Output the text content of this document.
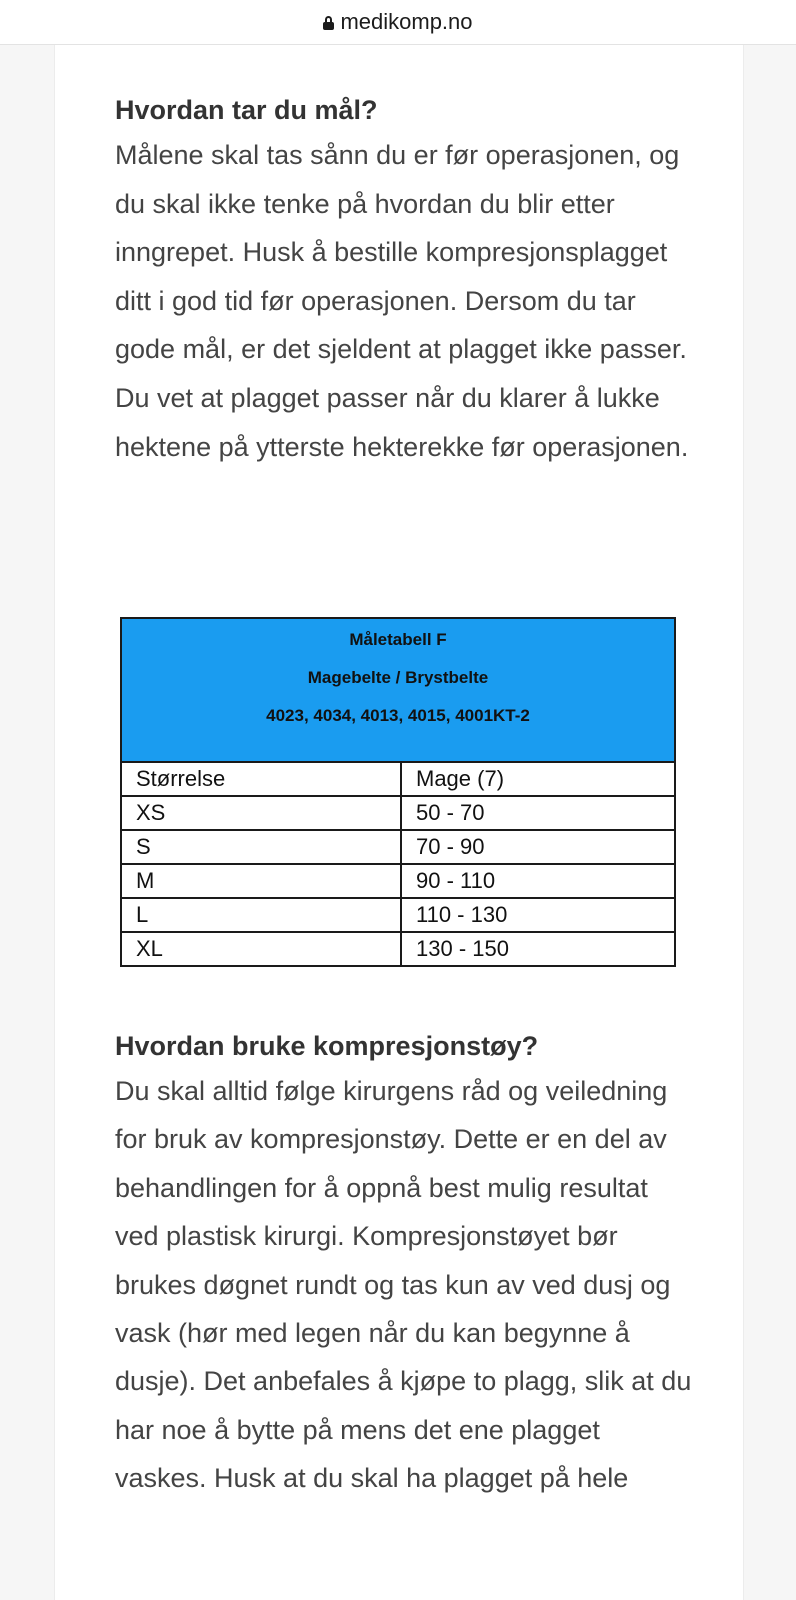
medikomp.no
Hvordan tar du mål?

Målene skal tas sånn du er før operasjonen, og du skal ikke tenke på hvordan du blir etter inngrepet. Husk å bestille kompresjonsplagget ditt i god tid før operasjonen. Dersom du tar gode mål, er det sjeldent at plagget ikke passer. Du vet at plagget passer når du klarer å lukke hektene på ytterste hekterekke før operasjonen.

Måletabell F
Magebelte / Brystbelte
4023, 4034, 4013, 4015, 4001KT-2	

Størrelse	Mage (7)
XS	50 - 70
S	70 - 90
M	90 - 110
L	110 - 130
XL	130 - 150
Hvordan bruke kompresjonstøy?

Du skal alltid følge kirurgens råd og veiledning for bruk av kompresjonstøy. Dette er en del av behandlingen for å oppnå best mulig resultat ved plastisk kirurgi. Kompresjonstøyet bør brukes døgnet rundt og tas kun av ved dusj og vask (hør med legen når du kan begynne å dusje). Det anbefales å kjøpe to plagg, slik at du har noe å bytte på mens det ene plagget vaskes. Husk at du skal ha plagget på hele
